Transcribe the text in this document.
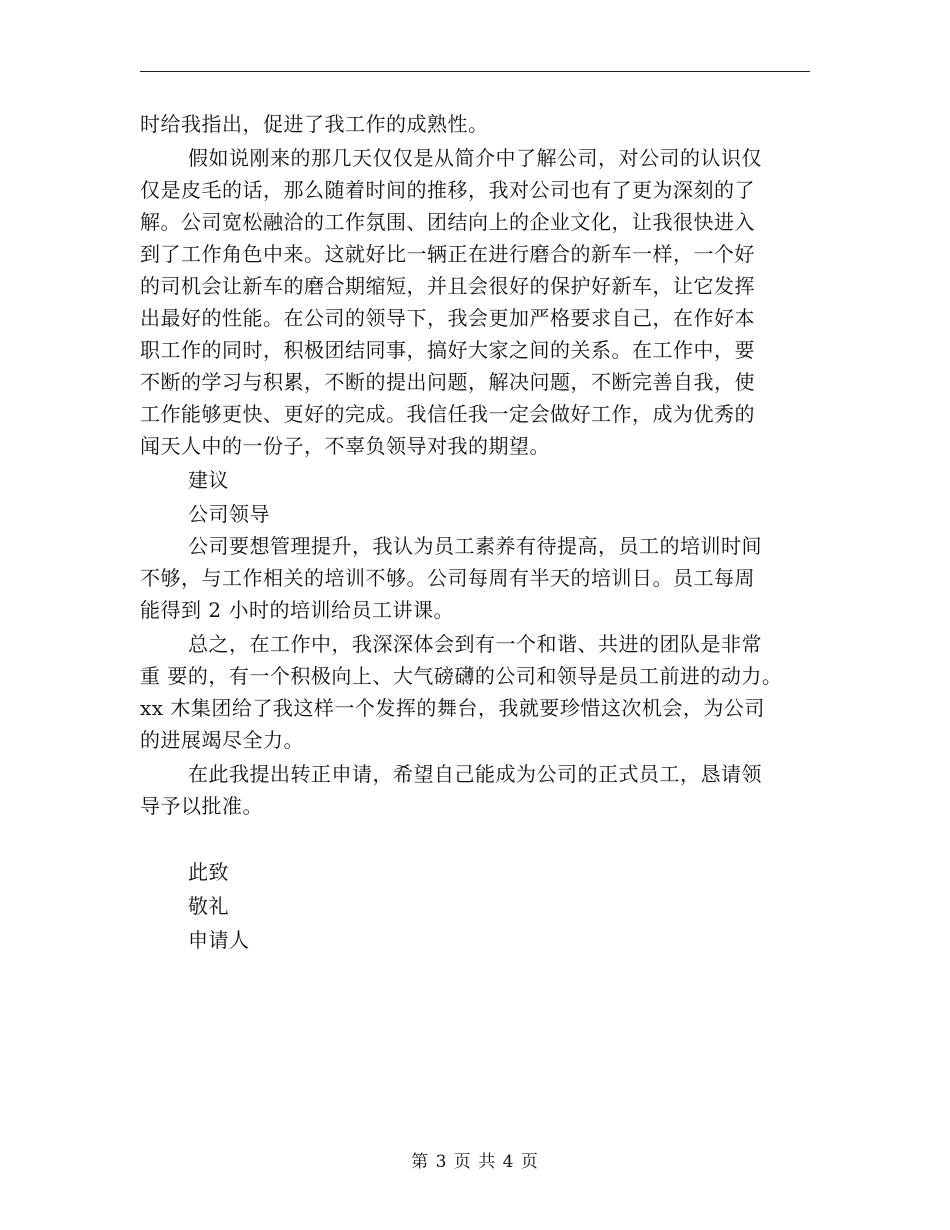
时给我指出，促进了我工作的成熟性。
假如说刚来的那几天仅仅是从简介中了解公司，对公司的认识仅
仅是皮毛的话，那么随着时间的推移，我对公司也有了更为深刻的了
解。公司宽松融洽的工作氛围、团结向上的企业文化，让我很快进入
到了工作角色中来。这就好比一辆正在进行磨合的新车一样，一个好
的司机会让新车的磨合期缩短，并且会很好的保护好新车，让它发挥
出最好的性能。在公司的领导下，我会更加严格要求自己，在作好本
职工作的同时，积极团结同事，搞好大家之间的关系。在工作中，要
不断的学习与积累，不断的提出问题，解决问题，不断完善自我，使
工作能够更快、更好的完成。我信任我一定会做好工作，成为优秀的
闻天人中的一份子，不辜负领导对我的期望。
建议
公司领导
公司要想管理提升，我认为员工素养有待提高，员工的培训时间
不够，与工作相关的培训不够。公司每周有半天的培训日。员工每周
能得到 2 小时的培训给员工讲课。
总之，在工作中，我深深体会到有一个和谐、共进的团队是非常
重 要的，有一个积极向上、大气磅礴的公司和领导是员工前进的动力。
xx 木集团给了我这样一个发挥的舞台，我就要珍惜这次机会，为公司
的进展竭尽全力。
在此我提出转正申请，希望自己能成为公司的正式员工，恳请领
导予以批准。
此致
敬礼
申请人
第 3 页 共 4 页
